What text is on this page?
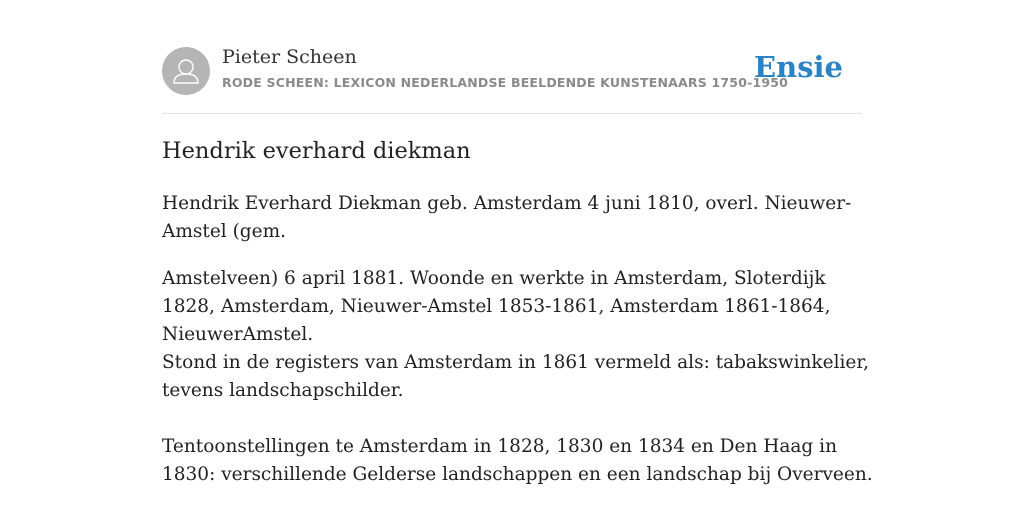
Pieter Scheen
RODE SCHEEN: LEXICON NEDERLANDSE BEELDENDE KUNSTENAARS 1750-1950
Ensie
Hendrik everhard diekman

Hendrik Everhard Diekman geb. Amsterdam 4 juni 1810, overl. Nieuwer-Amstel (gem.

Amstelveen) 6 april 1881. Woonde en werkte in Amsterdam, Sloterdijk 1828, Amsterdam, Nieuwer-Amstel 1853-1861, Amsterdam 1861-1864, NieuwerAmstel.

Stond in de registers van Amsterdam in 1861 vermeld als: tabakswinkelier, tevens landschapschilder.

Tentoonstellingen te Amsterdam in 1828, 1830 en 1834 en Den Haag in 1830: verschillende Gelderse landschappen en een landschap bij Overveen.
